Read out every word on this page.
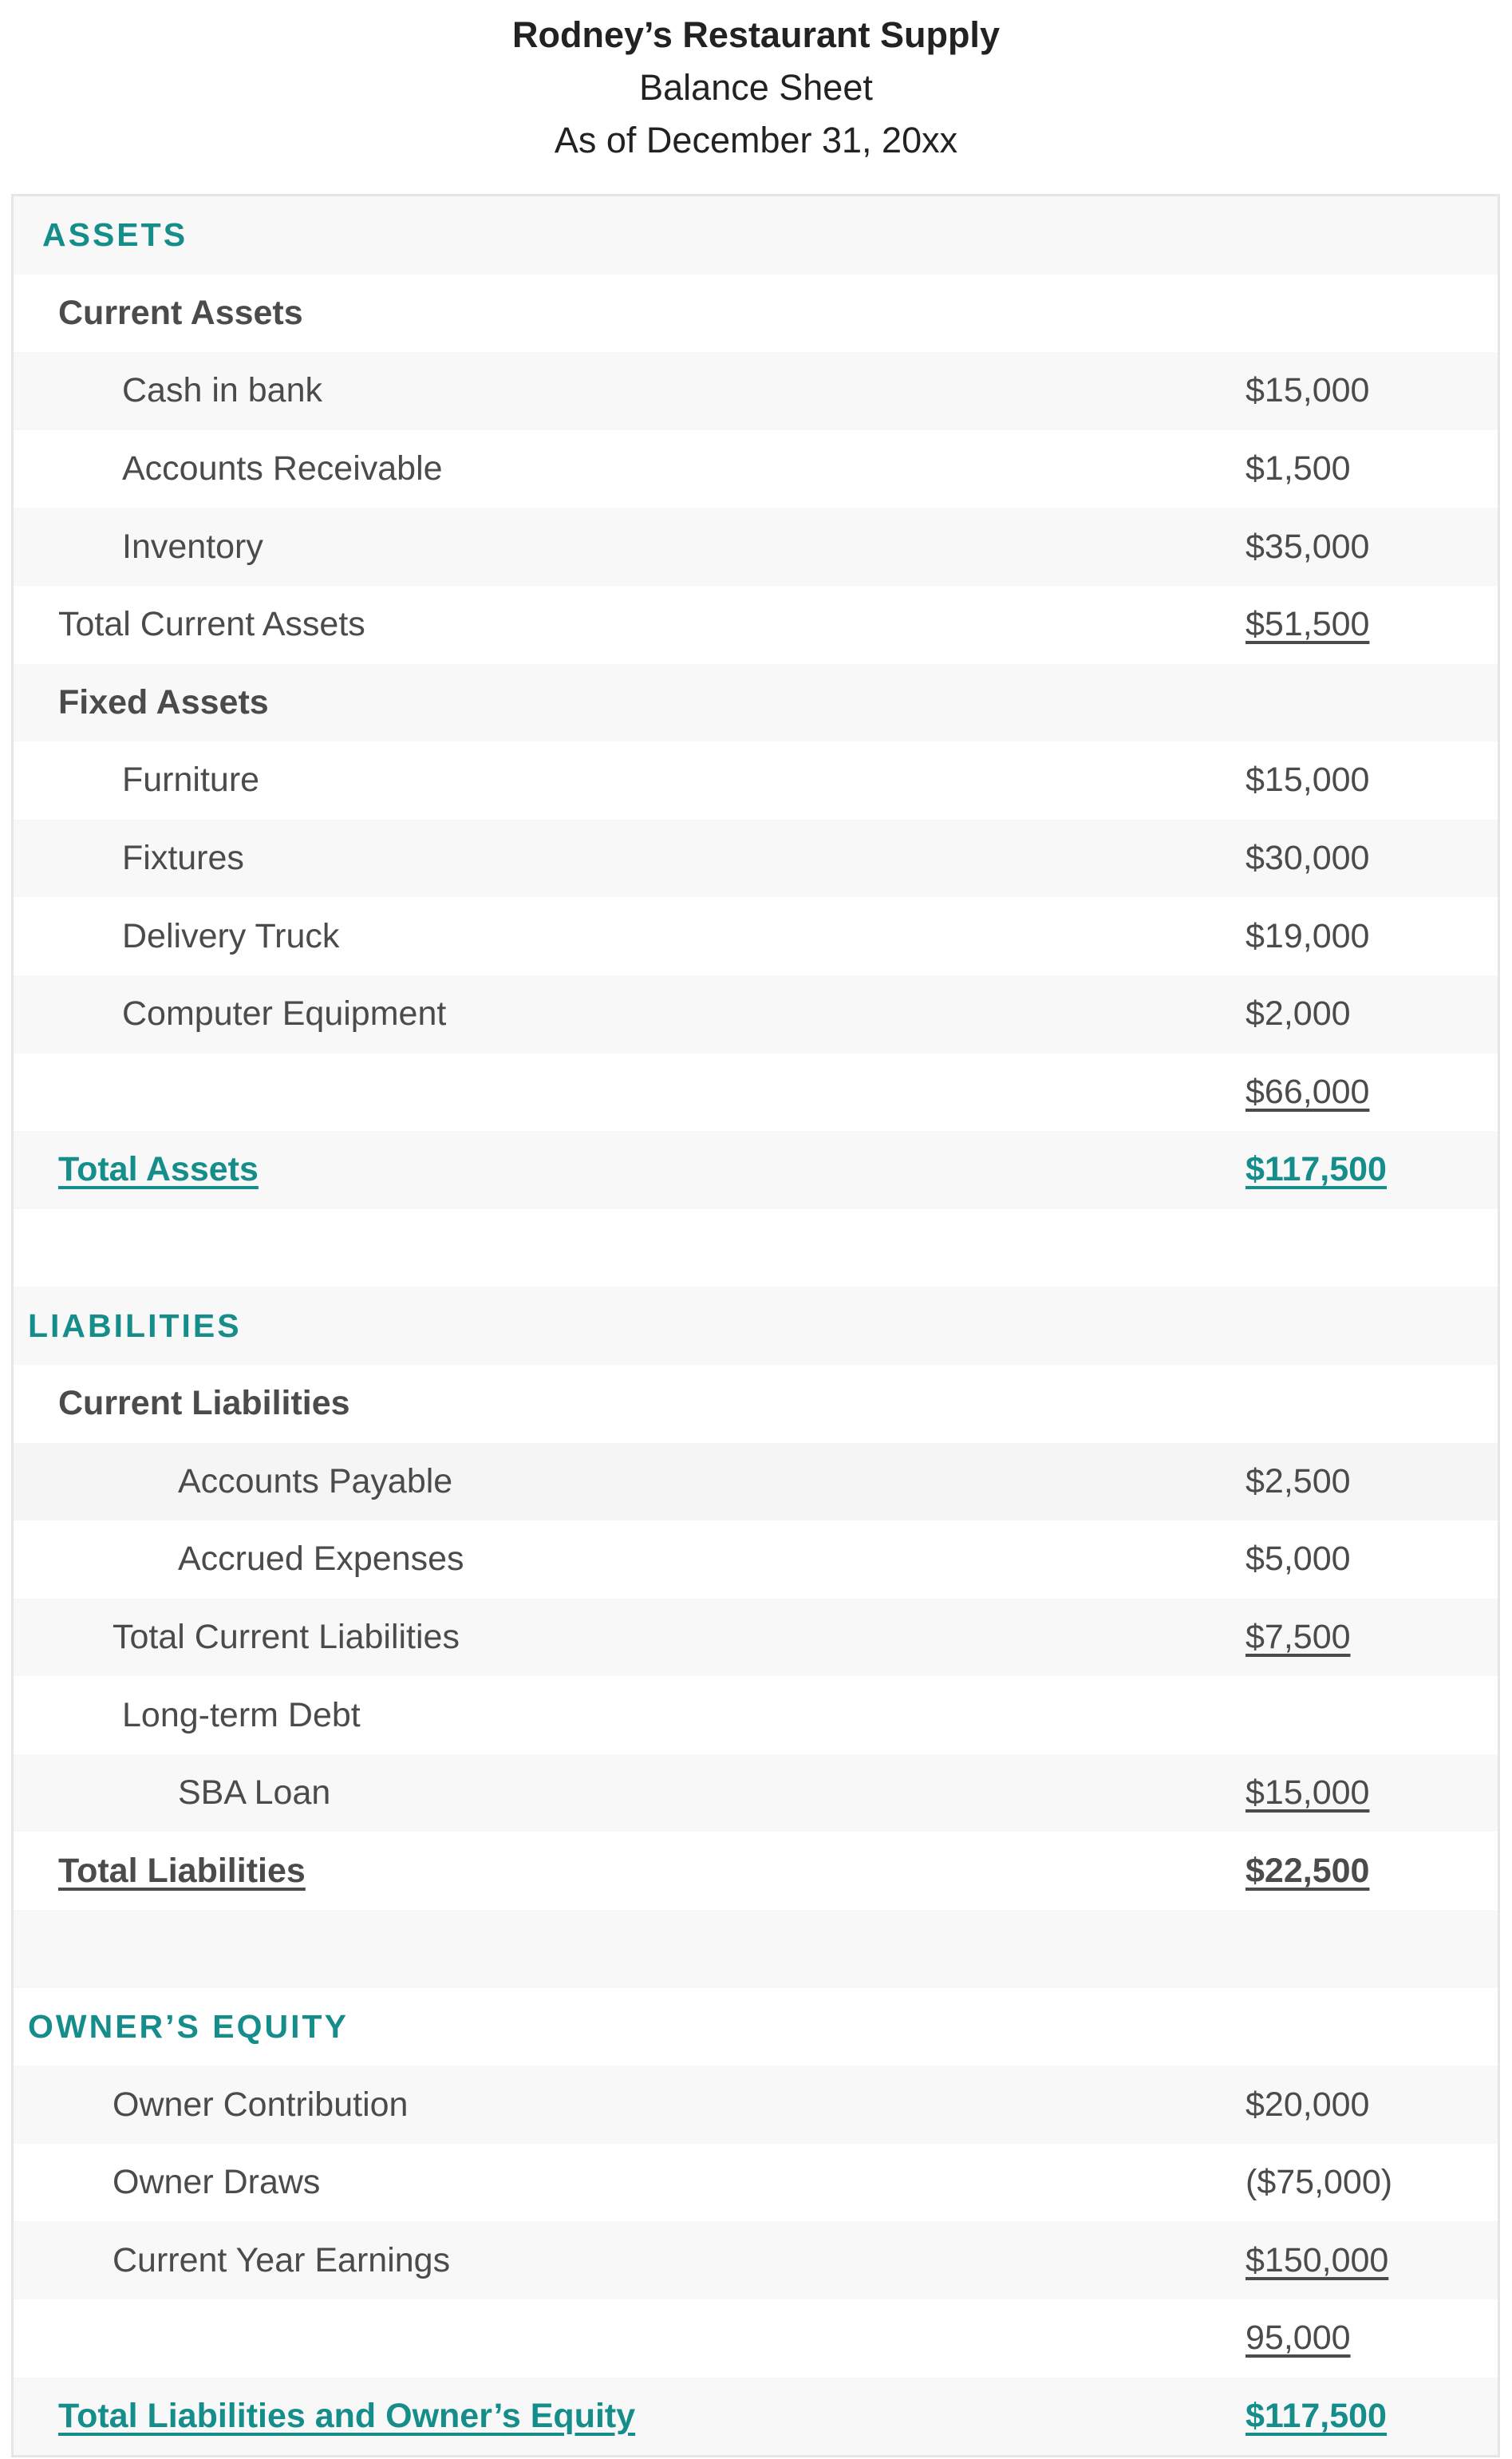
Rodney’s Restaurant Supply
Balance Sheet
As of December 31, 20xx
ASSETS
Current Assets
Cash in bank	$15,000
Accounts Receivable	$1,500
Inventory	$35,000
Total Current Assets	$51,500
Fixed Assets
Furniture	$15,000
Fixtures	$30,000
Delivery Truck	$19,000
Computer Equipment	$2,000
$66,000
Total Assets	$117,500
LIABILITIES
Current Liabilities
Accounts Payable	$2,500
Accrued Expenses	$5,000
Total Current Liabilities	$7,500
Long-term Debt
SBA Loan	$15,000
Total Liabilities	$22,500
OWNER’S EQUITY
Owner Contribution	$20,000
Owner Draws	($75,000)
Current Year Earnings	$150,000
95,000
Total Liabilities and Owner’s Equity	$117,500
